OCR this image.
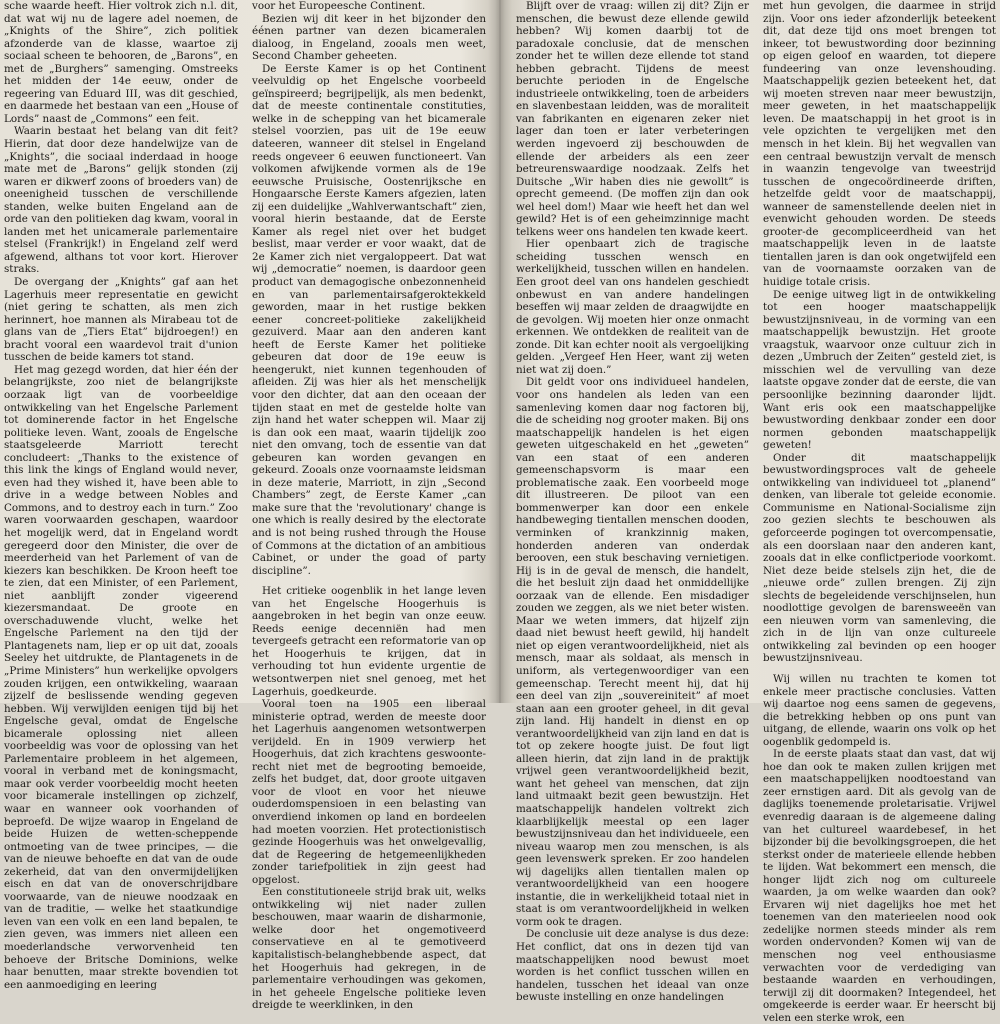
sche waarde heeft. Hier voltrok zich n.l. dit, dat wat wij nu de lagere adel noemen, de „Knights of the Shire”, zich politiek afzonderde van de klasse, waartoe zij sociaal scheen te behooren, de „Barons”, en met de „Burghers” samenging. Omstreeks het midden der 14e eeuw, onder de regeering van Eduard III, was dit geschied, en daarmede het bestaan van een „House of Lords” naast de „Commons” een feit.

Waarin bestaat het belang van dit feit? Hierin, dat door deze handelwijze van de „Knights”, die sociaal inderdaad in hooge mate met de „Barons” gelijk stonden (zij waren er dikwerf zoons of broeders van) de oneenigheid tusschen de verschillende standen, welke buiten Engeland aan de orde van den politieken dag kwam, vooral in landen met het unicamerale parlementaire stelsel (Frankrijk!) in Engeland zelf werd afgewend, althans tot voor kort. Hierover straks.

De overgang der „Knights” gaf aan het Lagerhuis meer representatie en gewicht (niet gering te schatten, als men zich herinnert, hoe mannen als Mirabeau tot de glans van de „Tiers Etat” bijdroegen!) en bracht vooral een waardevol trait d'union tusschen de beide kamers tot stand.

Het mag gezegd worden, dat hier één der belangrijkste, zoo niet de belangrijkste oorzaak ligt van de voorbeeldige ontwikkeling van het Engelsche Parlement tot dominerende factor in het Engelsche politieke leven. Want, zooals de Engelsche staatsgeleerde Marriott terecht concludeert: „Thanks to the existence of this link the kings of England would never, even had they wished it, have been able to drive in a wedge between Nobles and Commons, and to destroy each in turn.” Zoo waren voorwaarden geschapen, waardoor het mogelijk werd, dat in Engeland wordt geregeerd door den Minister, die over de meerderheid van het Parlement of van de kiezers kan beschikken. De Kroon heeft toe te zien, dat een Minister, of een Parlement, niet aanblijft zonder vigeerend kiezersmandaat. De groote en overschaduwende vlucht, welke het Engelsche Parlement na den tijd der Plantagenets nam, liep er op uit dat, zooals Seeley het uitdrukte, de Plantagenets in de „Prime Ministers” hun werkelijke opvolgers zouden krijgen, een ontwikkeling, waaraan zijzelf de beslissende wending gegeven hebben. Wij verwijlden eenigen tijd bij het Engelsche geval, omdat de Engelsche bicamerale oplossing niet alleen voorbeeldig was voor de oplossing van het Parlementaire probleem in het algemeen, vooral in verband met de koningsmacht, maar ook verder voorbeeldig mocht heeten voor bicamerale instellingen op zichzelf, waar en wanneer ook voorhanden of beproefd. De wijze waarop in Engeland de beide Huizen de wetten-scheppende ontmoeting van de twee principes, — die van de nieuwe behoefte en dat van de oude zekerheid, dat van den onvermijdelijken eisch en dat van de onoverschrijdbare voorwaarde, van de nieuwe noodzaak en van de traditie, — welke het staatkundige leven van een volk en een land bepalen, te zien geven, was immers niet alleen een moederlandsche verworvenheid ten behoeve der Britsche Dominions, welke haar benutten, maar strekte bovendien tot een aanmoediging en leering

voor het Europeesche Continent.

Bezien wij dit keer in het bijzonder den éénen partner van dezen bicameralen dialoog, in Engeland, zooals men weet, Second Chamber geheeten.

De Eerste Kamer is op het Continent veelvuldig op het Engelsche voorbeeld geïnspireerd; begrijpelijk, als men bedenkt, dat de meeste continentale constituties, welke in de schepping van het bicamerale stelsel voorzien, pas uit de 19e eeuw dateeren, wanneer dit stelsel in Engeland reeds ongeveer 6 eeuwen functioneert. Van volkomen afwijkende vormen als de 19e eeuwsche Pruisische, Oostenrijksche en Hongaarsche Eerste Kamers afgezien, laten zij een duidelijke „Wahlverwantschaft” zien, vooral hierin bestaande, dat de Eerste Kamer als regel niet over het budget beslist, maar verder er voor waakt, dat de 2e Kamer zich niet vergaloppeert. Dat wat wij „democratie” noemen, is daardoor geen product van demagogische onbezonnenheid en van parlementairsafgeroktekkeld geworden, maar in het rustige bekken eener concreet-politieke zakelijkheid gezuiverd. Maar aan den anderen kant heeft de Eerste Kamer het politieke gebeuren dat door de 19e eeuw is heengerukt, niet kunnen tegenhouden of afleiden. Zij was hier als het menschelijk voor den dichter, dat aan den oceaan der tijden staat en met de gestelde holte van zijn hand het water scheppen wil. Maar zij is dan ook een maat, waarin tijdelijk zoo niet den omvang, toch de essentie van dat gebeuren kan worden gevangen en gekeurd. Zooals onze voornaamste leidsman in deze materie, Marriott, in zijn „Second Chambers” zegt, de Eerste Kamer „can make sure that the 'revolutionary' change is one which is really desired by the electorate and is not being rushed through the House of Commons at the dictation of an ambitious Cabinet, or under the goad of party discipline”.

Het critieke oogenblik in het lange leven van het Engelsche Hoogerhuis is aangebroken in het begin van onze eeuw. Reeds eenige decenniën had men tevergeefs getracht een reformatorie van op het Hoogerhuis te krijgen, dat in verhouding tot hun evidente urgentie de wetsontwerpen niet snel genoeg, met het Lagerhuis, goedkeurde.

Vooral toen na 1905 een liberaal ministerie optrad, werden de meeste door het Lagerhuis aangenomen wetsontwerpen verijdeld. En in 1909 verwierp het Hoogerhuis, dat zich krachtens geswoonte-recht niet met de begrooting bemoeide, zelfs het budget, dat, door groote uitgaven voor de vloot en voor het nieuwe ouderdomspensioen in een belasting van onverdiend inkomen op land en bordeelen had moeten voorzien. Het protectionistisch gezinde Hoogerhuis was het onwelgevallig, dat de Regeering de hetgemeenlijkheden zonder tariefpolitiek in zijn geest had opgelost.

Een constitutioneele strijd brak uit, welks ontwikkeling wij niet nader zullen beschouwen, maar waarin de disharmonie, welke door het ongemotiveerd conservatieve en al te gemotiveerd kapitalistisch-belanghebbende aspect, dat het Hoogerhuis had gekregen, in de parlementaire verhoudingen was gekomen, in het geheele Engelsche politieke leven dreigde te weerklinken, in den

Blijft over de vraag: willen zij dit? Zijn er menschen, die bewust deze ellende gewild hebben? Wij komen daarbij tot de paradoxale conclusie, dat de menschen zonder het te willen deze ellende tot stand hebben gebracht. Tijdens de meest beruchte perioden in de Engelsche industrieele ontwikkeling, toen de arbeiders en slavenbestaan leidden, was de moraliteit van fabrikanten en eigenaren zeker niet lager dan toen er later verbeteringen werden ingevoerd zij beschouwden de ellende der arbeiders als een zeer betreurenswaardige noodzaak. Zelfs het Duitsche „Wir haben dies nie gewollt” is oprecht gemeend. (De moffen zijn dan ook wel heel dom!) Maar wie heeft het dan wel gewild? Het is of een geheimzinnige macht telkens weer ons handelen ten kwade keert.

Hier openbaart zich de tragische scheiding tusschen wensch en werkelijkheid, tusschen willen en handelen. Een groot deel van ons handelen geschiedt onbewust en van andere handelingen beseffen wij maar zelden de draagwijdte en de gevolgen. Wij moeten hier onze onmacht erkennen. We ontdekken de realiteit van de zonde. Dit kan echter nooit als vergoelijking gelden. „Vergeef Hen Heer, want zij weten niet wat zij doen.”

Dit geldt voor ons individueel handelen, voor ons handelen als leden van een samenleving komen daar nog factoren bij, die de scheiding nog grooter maken. Bij ons maatschappelijk handelen is het eigen geweten uitgeschakeld en het „geweten” van een staat of een anderen gemeenschapsvorm is maar een problematische zaak. Een voorbeeld moge dit illustreeren. De piloot van een bommenwerper kan door een enkele handbeweging tientallen menschen dooden, verminken of krankzinnig maken, honderden anderen van onderdak berooven, een stuk beschaving vernietigen. Hij is in de geval de mensch, die handelt, die het besluit zijn daad het onmiddellijke oorzaak van de ellende. Een misdadiger zouden we zeggen, als we niet beter wisten. Maar we weten immers, dat hijzelf zijn daad niet bewust heeft gewild, hij handelt niet op eigen verantwoordelijkheid, niet als mensch, maar als soldaat, als mensch in uniform, als vertegenwoordiger van een gemeenschap. Terecht meent hij, dat hij een deel van zijn „souvereiniteit” af moet staan aan een grooter geheel, in dit geval zijn land. Hij handelt in dienst en op verantwoordelijkheid van zijn land en dat is tot op zekere hoogte juist. De fout ligt alleen hierin, dat zijn land in de praktijk vrijwel geen verantwoordelijkheid bezit, want het geheel van menschen, dat zijn land uitmaakt bezit geen bewustzijn. Het maatschappelijk handelen voltrekt zich klaarblijkelijk meestal op een lager bewustzijnsniveau dan het individueele, een niveau waarop men zou menschen, is als geen levenswerk spreken. Er zoo handelen wij dagelijks allen tientallen malen op verantwoordelijkheid van een hoogere instantie, die in werkelijkheid totaal niet in staat is om verantwoordelijkheid in welken vorm ook te dragen.

De conclusie uit deze analyse is dus deze: Het conflict, dat ons in dezen tijd van maatschappelijken nood bewust moet worden is het conflict tusschen willen en handelen, tusschen het ideaal van onze bewuste instelling en onze handelingen

met hun gevolgen, die daarmee in strijd zijn. Voor ons ieder afzonderlijk beteekent dit, dat deze tijd ons moet brengen tot inkeer, tot bewustwording door bezinning op eigen geloof en waarden, tot diepere fundeering van onze levenshouding. Maatschappelijk gezien beteekent het, dat wij moeten streven naar meer bewustzijn, meer geweten, in het maatschappelijk leven. De maatschappij in het groot is in vele opzichten te vergelijken met den mensch in het klein. Bij het wegvallen van een centraal bewustzijn vervalt de mensch in waanzin tengevolge van tweestrijd tusschen de ongecoördineerde driften, hetzelfde geldt voor de maatschappij, wanneer de samenstellende deelen niet in evenwicht gehouden worden. De steeds grooter-de gecompliceerdheid van het maatschappelijk leven in de laatste tientallen jaren is dan ook ongetwijfeld een van de voornaamste oorzaken van de huidige totale crisis.

De eenige uitweg ligt in de ontwikkeling tot een hooger maatschappelijk bewustzijnsniveau, in de vorming van een maatschappelijk bewustzijn. Het groote vraagstuk, waarvoor onze cultuur zich in dezen „Umbruch der Zeiten” gesteld ziet, is misschien wel de vervulling van deze laatste opgave zonder dat de eerste, die van persoonlijke bezinning daaronder lijdt. Want eris ook een maatschappelijke bewustwording denkbaar zonder een door normen gebonden maatschappelijk geweten!

Onder dit maatschappelijk bewustwordingsproces valt de geheele ontwikkeling van individueel tot „planend” denken, van liberale tot geleide economie. Communisme en National-Socialisme zijn zoo gezien slechts te beschouwen als geforceerde pogingen tot overcompensatie, als een doorslaan naar den anderen kant, zooals dat in elke conflictperiode voorkomt. Niet deze beide stelsels zijn het, die de „nieuwe orde” zullen brengen. Zij zijn slechts de begeleidende verschijnselen, hun noodlottige gevolgen de barensweeën van een nieuwen vorm van samenleving, die zich in de lijn van onze cultureele ontwikkeling zal bevinden op een hooger bewustzijnsniveau.

Wij willen nu trachten te komen tot enkele meer practische conclusies. Vatten wij daartoe nog eens samen de gegevens, die betrekking hebben op ons punt van uitgang, de ellende, waarin ons volk op het oogenblik gedompeld is.

In de eerste plaats staat dan vast, dat wij hoe dan ook te maken zullen krijgen met een maatschappelijken noodtoestand van zeer ernstigen aard. Dit als gevolg van de daglijks toenemende proletarisatie. Vrijwel evenredig daaraan is de algemeene daling van het cultureel waardebesef, in het bijzonder bij die bevolkingsgroepen, die het sterkst onder de materieele ellende hebben te lijden. Wat bekommert een mensch, die honger lijdt zich nog om cultureele waarden, ja om welke waarden dan ook? Ervaren wij niet dagelijks hoe met het toenemen van den materieelen nood ook zedelijke normen steeds minder als rem worden ondervonden? Komen wij van de menschen nog veel enthousiasme verwachten voor de verdediging van bestaande waarden en verhoudingen, terwijl zij dit doormaken? Integendeel, het omgekeerde is eerder waar. Er heerscht bij velen een sterke wrok, een
